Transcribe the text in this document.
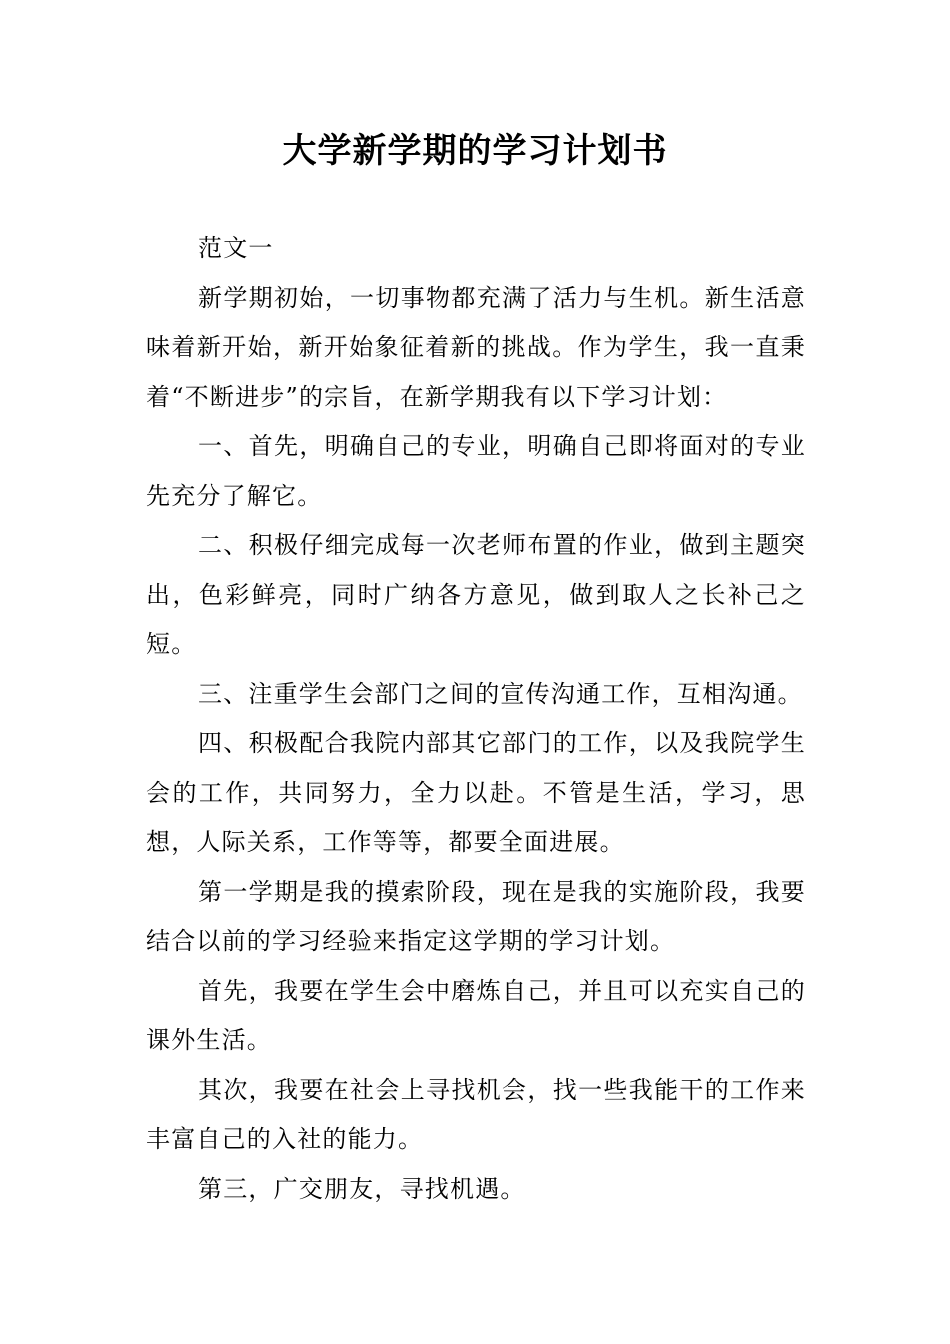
大学新学期的学习计划书

范文一

新学期初始，一切事物都充满了活力与生机。新生活意味着新开始，新开始象征着新的挑战。作为学生，我一直秉着“不断进步”的宗旨，在新学期我有以下学习计划：

一、首先，明确自己的专业，明确自己即将面对的专业先充分了解它。

二、积极仔细完成每一次老师布置的作业，做到主题突出，色彩鲜亮，同时广纳各方意见，做到取人之长补己之短。

三、注重学生会部门之间的宣传沟通工作，互相沟通。

四、积极配合我院内部其它部门的工作，以及我院学生会的工作，共同努力，全力以赴。不管是生活，学习，思想，人际关系，工作等等，都要全面进展。

第一学期是我的摸索阶段，现在是我的实施阶段，我要结合以前的学习经验来指定这学期的学习计划。

首先，我要在学生会中磨炼自己，并且可以充实自己的课外生活。

其次，我要在社会上寻找机会，找一些我能干的工作来丰富自己的入社的能力。

第三，广交朋友，寻找机遇。
